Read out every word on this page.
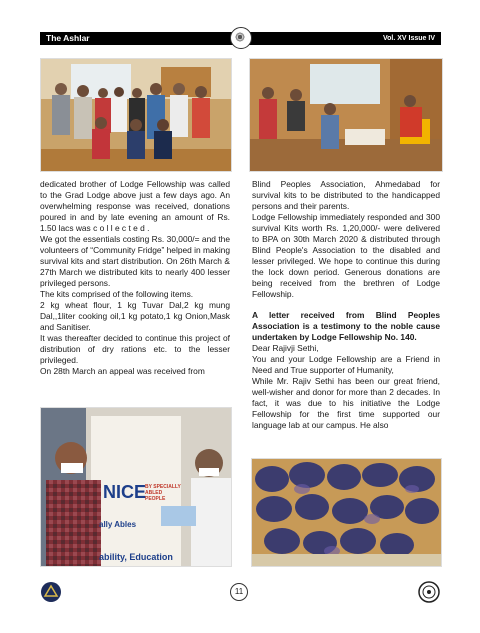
The Ashlar	Vol. XV Issue IV

dedicated brother of Lodge Fellowship was called to the Grad Lodge above just a few days ago. An overwhelming response was received, donations poured in and by late evening an amount of Rs. 1.50 lacs was c o l l e c t e d .

We got the essentials costing Rs. 30,000/= and the volunteers of “Community Fridge” helped in making survival kits and start distribution. On 26th March & 27th March we distributed kits to nearly 400 lesser privileged persons.

The kits comprised of the following items.

2 kg wheat flour, 1 kg Tuvar Dal,2 kg mung Dal,,1liter cooking oil,1 kg potato,1 kg Onion,Mask and Sanitiser.

It was thereafter decided to continue this project of distribution of dry rations etc. to the lesser privileged.

On 28th March an appeal was received from

Blind Peoples Association, Ahmedabad for survival kits to be distributed to the handicapped persons and their parents.

Lodge Fellowship immediately responded and 300 survival Kits worth Rs. 1,20,000/- were delivered to BPA on 30th March 2020 & distributed through Blind People's Association to the disabled and lesser privileged. We hope to continue this during the lock down period. Generous donations are being received from the brethren of Lodge Fellowship.

A letter received from Blind Peoples Association is a testimony to the noble cause undertaken by Lodge Fellowship No. 140.

Dear Rajivji Sethi,

You and your Lodge Fellowship are a Friend in Need and True supporter of Humanity,

While Mr. Rajiv Sethi has been our great friend, well-wisher and donor for more than 2 decades. In fact, it was due to his initiative the Lodge Fellowship for the first time supported our language lab at our campus. He also

NICE
BY SPECIALLY ABLED PEOPLE
ally Ables
ability, Education
11
